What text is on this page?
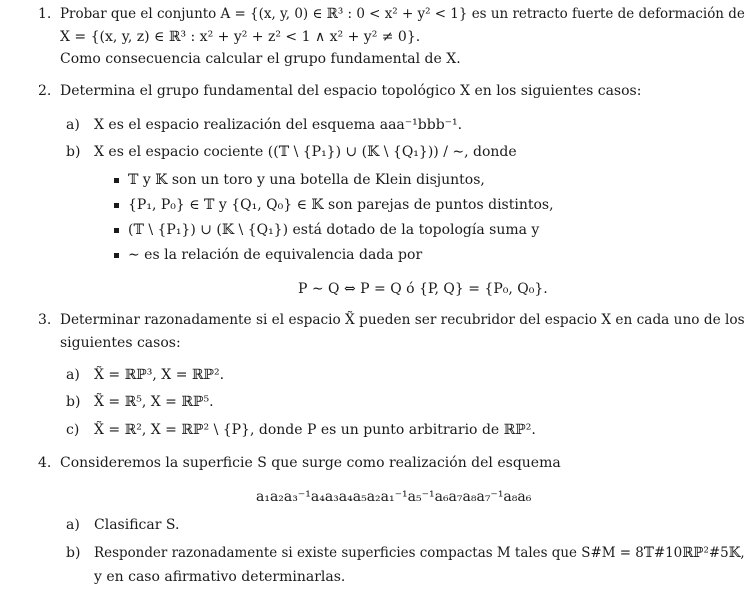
1. Probar que el conjunto A = {(x, y, 0) ∈ ℝ³ : 0 < x² + y² < 1} es un retracto fuerte de deformación de
X = {(x, y, z) ∈ ℝ³ : x² + y² + z² < 1 ∧ x² + y² ≠ 0}.
Como consecuencia calcular el grupo fundamental de X.
2. Determina el grupo fundamental del espacio topológico X en los siguientes casos:
a) X es el espacio realización del esquema aaa⁻¹bbb⁻¹.
b) X es el espacio cociente ((𝕋 \ {P₁}) ∪ (𝕂 \ {Q₁})) / ∼, donde
𝕋 y 𝕂 son un toro y una botella de Klein disjuntos,
{P₁, P₀} ∈ 𝕋 y {Q₁, Q₀} ∈ 𝕂 son parejas de puntos distintos,
(𝕋 \ {P₁}) ∪ (𝕂 \ {Q₁}) está dotado de la topología suma y
∼ es la relación de equivalencia dada por
P ∼ Q ⇔ P = Q ó {P, Q} = {P₀, Q₀}.
3. Determinar razonadamente si el espacio X̃ pueden ser recubridor del espacio X en cada uno de los
siguientes casos:
a) X̃ = ℝℙ³, X = ℝℙ².
b) X̃ = ℝ⁵, X = ℝℙ⁵.
c) X̃ = ℝ², X = ℝℙ² \ {P}, donde P es un punto arbitrario de ℝℙ².
4. Consideremos la superficie S que surge como realización del esquema
a₁a₂a₃⁻¹a₄a₃a₄a₅a₂a₁⁻¹a₅⁻¹a₆a₇a₈a₇⁻¹a₈a₆
a) Clasificar S.
b) Responder razonadamente si existe superficies compactas M tales que S#M = 8𝕋#10ℝℙ²#5𝕂,
y en caso afirmativo determinarlas.
